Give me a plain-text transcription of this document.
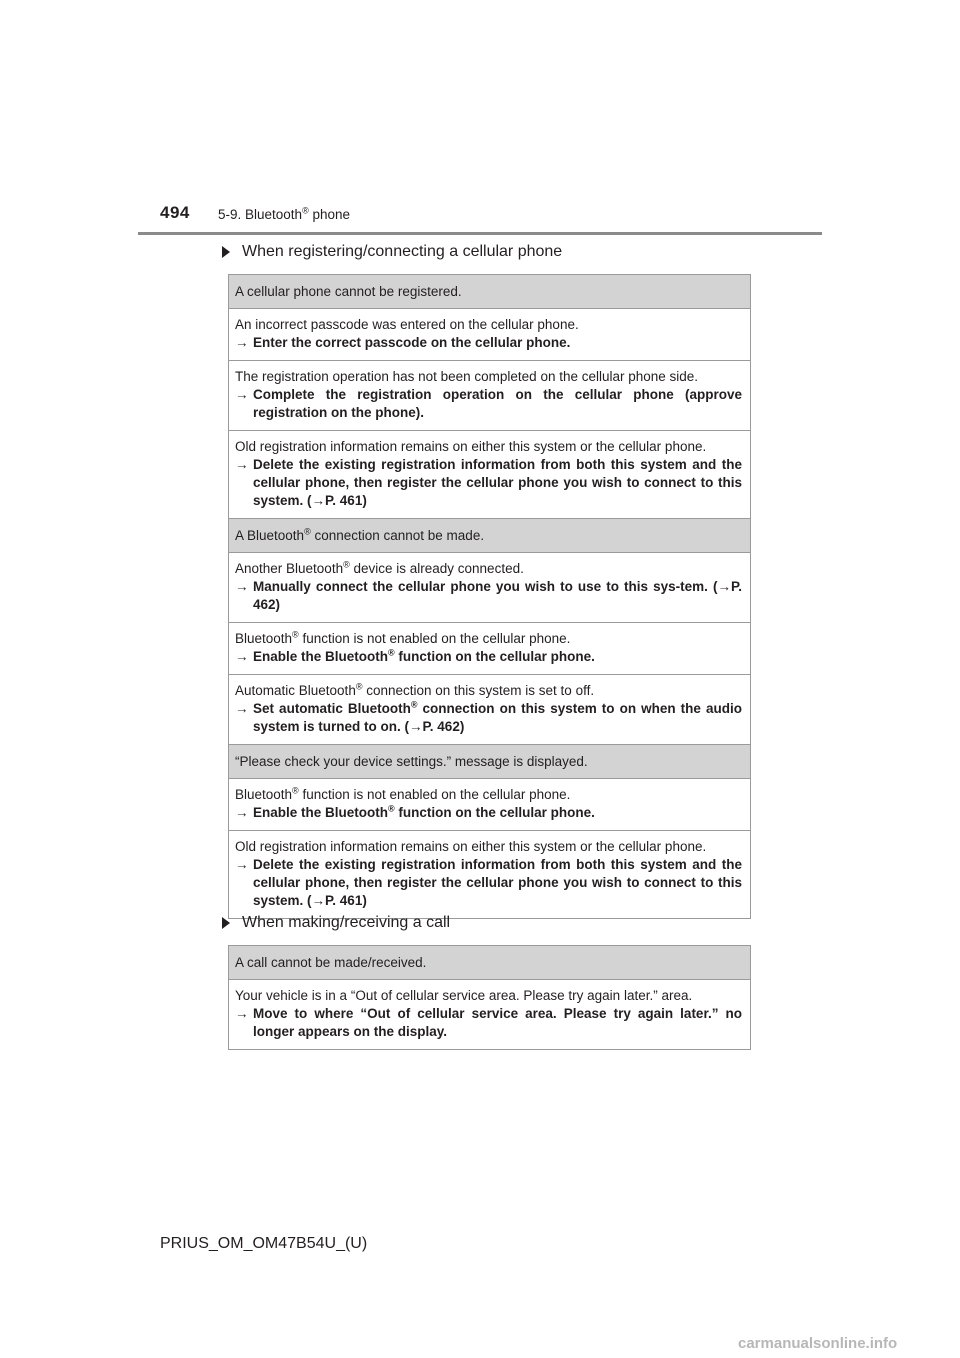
494 5-9. Bluetooth® phone
When registering/connecting a cellular phone
A cellular phone cannot be registered.
An incorrect passcode was entered on the cellular phone.
→ Enter the correct passcode on the cellular phone.
The registration operation has not been completed on the cellular phone side.
→ Complete the registration operation on the cellular phone (approve registration on the phone).
Old registration information remains on either this system or the cellular phone.
→ Delete the existing registration information from both this system and the cellular phone, then register the cellular phone you wish to connect to this system. (→P. 461)
A Bluetooth® connection cannot be made.
Another Bluetooth® device is already connected.
→ Manually connect the cellular phone you wish to use to this sys-tem. (→P. 462)
Bluetooth® function is not enabled on the cellular phone.
→ Enable the Bluetooth® function on the cellular phone.
Automatic Bluetooth® connection on this system is set to off.
→ Set automatic Bluetooth® connection on this system to on when the audio system is turned to on. (→P. 462)
“Please check your device settings.” message is displayed.
Bluetooth® function is not enabled on the cellular phone.
→ Enable the Bluetooth® function on the cellular phone.
Old registration information remains on either this system or the cellular phone.
→ Delete the existing registration information from both this system and the cellular phone, then register the cellular phone you wish to connect to this system. (→P. 461)
When making/receiving a call
A call cannot be made/received.
Your vehicle is in a “Out of cellular service area. Please try again later.” area.
→ Move to where “Out of cellular service area. Please try again later.” no longer appears on the display.
PRIUS_OM_OM47B54U_(U)
carmanualsonline.info
